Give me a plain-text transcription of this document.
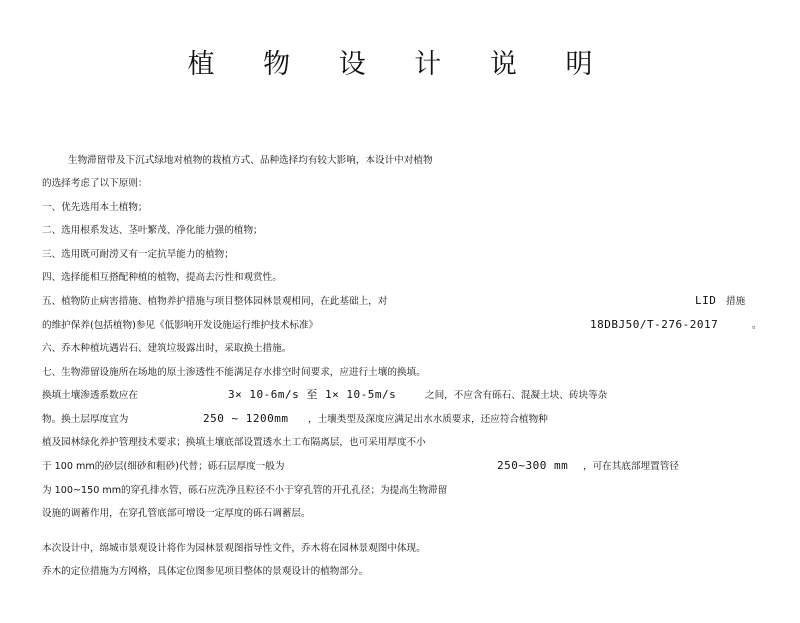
植 物 设 计 说 明
生物滞留带及下沉式绿地对植物的栽植方式、品种选择均有较大影响，本设计中对植物
的选择考虑了以下原则：
一、优先选用本土植物；
二、选用根系发达、茎叶繁茂、净化能力强的植物；
三、选用既可耐涝又有一定抗旱能力的植物；
四、选择能相互搭配种植的植物，提高去污性和观赏性。
五、植物防止病害措施、植物养护措施与项目整体园林景观相同，在此基础上，对	LID 措施
的维护保养(包括植物)参见《低影响开发设施运行维护技术标准》	18DBJ50/T-276-2017	。
六、乔木种植坑遇岩石、建筑垃圾露出时，采取换土措施。
七、生物滞留设施所在场地的原土渗透性不能满足存水排空时间要求，应进行土壤的换填。
换填土壤渗透系数应在	3× 10-6m/s 至 1× 10-5m/s	之间，不应含有砾石、混凝土块、砖块等杂
物。换土层厚度宜为	250 ~ 1200mm ，土壤类型及深度应满足出水水质要求，还应符合植物种
植及园林绿化养护管理技术要求；换填土壤底部设置透水土工布隔离层，也可采用厚度不小
于 100 mm的砂层(细砂和粗砂)代替；砾石层厚度一般为	250~300 mm ，可在其底部埋置管径
为 100~150 mm的穿孔排水管，砾石应洗净且粒径不小于穿孔管的开孔孔径；为提高生物滞留
设施的调蓄作用，在穿孔管底部可增设一定厚度的砾石调蓄层。
本次设计中，绵城市景观设计将作为园林景观图指导性文件，乔木将在园林景观图中体现。
乔木的定位措施为方网格，具体定位图参见项目整体的景观设计的植物部分。
